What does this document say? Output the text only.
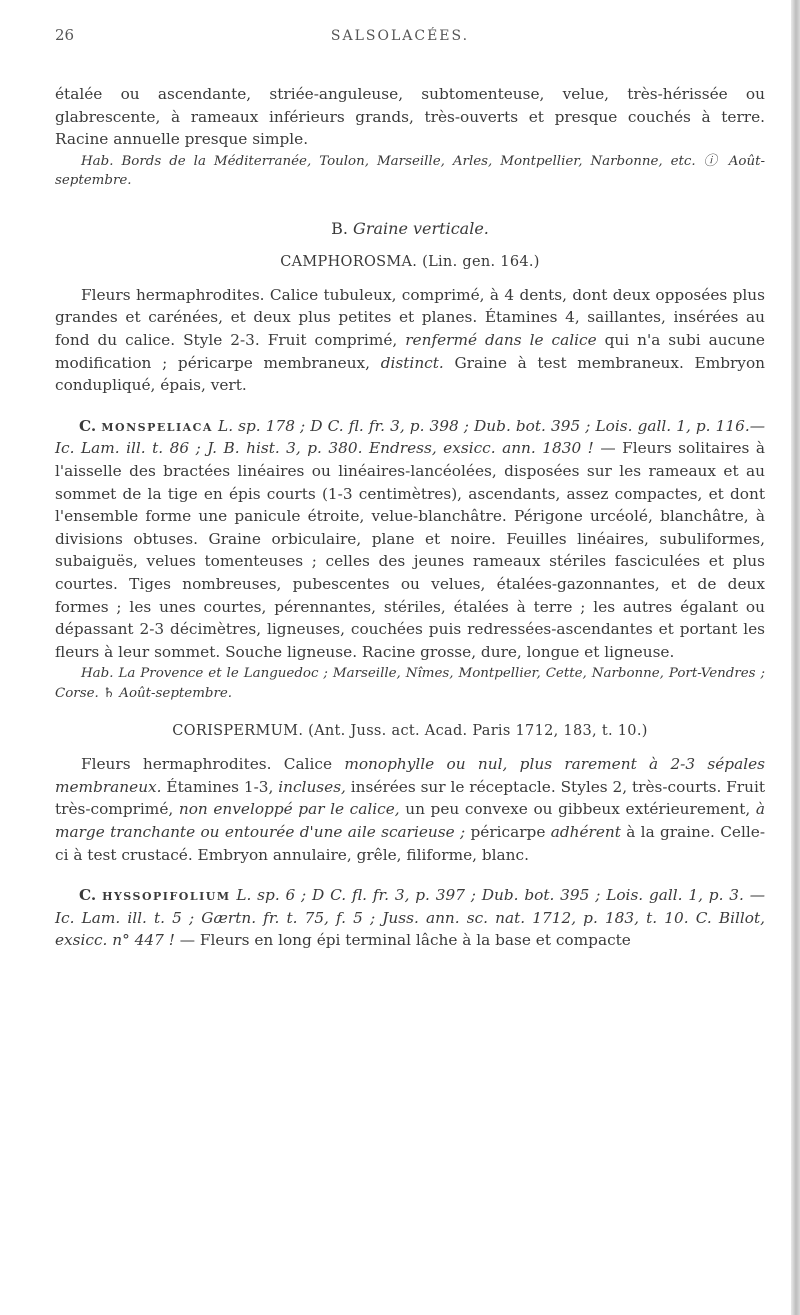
26	SALSOLACÉES.

étalée ou ascendante, striée-anguleuse, subtomenteuse, velue, très-hérissée ou glabrescente, à rameaux inférieurs grands, très-ouverts et presque couchés à terre. Racine annuelle presque simple.

Hab. Bords de la Méditerranée, Toulon, Marseille, Arles, Montpellier, Narbonne, etc. ⓘ Août-septembre.

B. Graine verticale.
CAMPHOROSMA. (Lin. gen. 164.)

Fleurs hermaphrodites. Calice tubuleux, comprimé, à 4 dents, dont deux opposées plus grandes et carénées, et deux plus petites et planes. Étamines 4, saillantes, insérées au fond du calice. Style 2-3. Fruit comprimé, renfermé dans le calice qui n'a subi aucune modification ; péricarpe membraneux, distinct. Graine à test membraneux. Embryon condupliqué, épais, vert.

C. monspeliaca L. sp. 178 ; D C. fl. fr. 3, p. 398 ; Dub. bot. 395 ; Lois. gall. 1, p. 116.— Ic. Lam. ill. t. 86 ; J. B. hist. 3, p. 380. Endress, exsicc. ann. 1830 ! — Fleurs solitaires à l'aisselle des bractées linéaires ou linéaires-lancéolées, disposées sur les rameaux et au sommet de la tige en épis courts (1-3 centimètres), ascendants, assez compactes, et dont l'ensemble forme une panicule étroite, velue-blanchâtre. Périgone urcéolé, blanchâtre, à divisions obtuses. Graine orbiculaire, plane et noire. Feuilles linéaires, subuliformes, subaiguës, velues tomenteuses ; celles des jeunes rameaux stériles fasciculées et plus courtes. Tiges nombreuses, pubescentes ou velues, étalées-gazonnantes, et de deux formes ; les unes courtes, pérennantes, stériles, étalées à terre ; les autres égalant ou dépassant 2-3 décimètres, ligneuses, couchées puis redressées-ascendantes et portant les fleurs à leur sommet. Souche ligneuse. Racine grosse, dure, longue et ligneuse.

Hab. La Provence et le Languedoc ; Marseille, Nîmes, Montpellier, Cette, Narbonne, Port-Vendres ; Corse. ♄ Août-septembre.

CORISPERMUM. (Ant. Juss. act. Acad. Paris 1712, 183, t. 10.)

Fleurs hermaphrodites. Calice monophylle ou nul, plus rarement à 2-3 sépales membraneux. Étamines 1-3, incluses, insérées sur le réceptacle. Styles 2, très-courts. Fruit très-comprimé, non enveloppé par le calice, un peu convexe ou gibbeux extérieurement, à marge tranchante ou entourée d'une aile scarieuse ; péricarpe adhérent à la graine. Celle-ci à test crustacé. Embryon annulaire, grêle, filiforme, blanc.

C. hyssopifolium L. sp. 6 ; D C. fl. fr. 3, p. 397 ; Dub. bot. 395 ; Lois. gall. 1, p. 3. — Ic. Lam. ill. t. 5 ; Gærtn. fr. t. 75, f. 5 ; Juss. ann. sc. nat. 1712, p. 183, t. 10. C. Billot, exsicc. n° 447 ! — Fleurs en long épi terminal lâche à la base et compacte
